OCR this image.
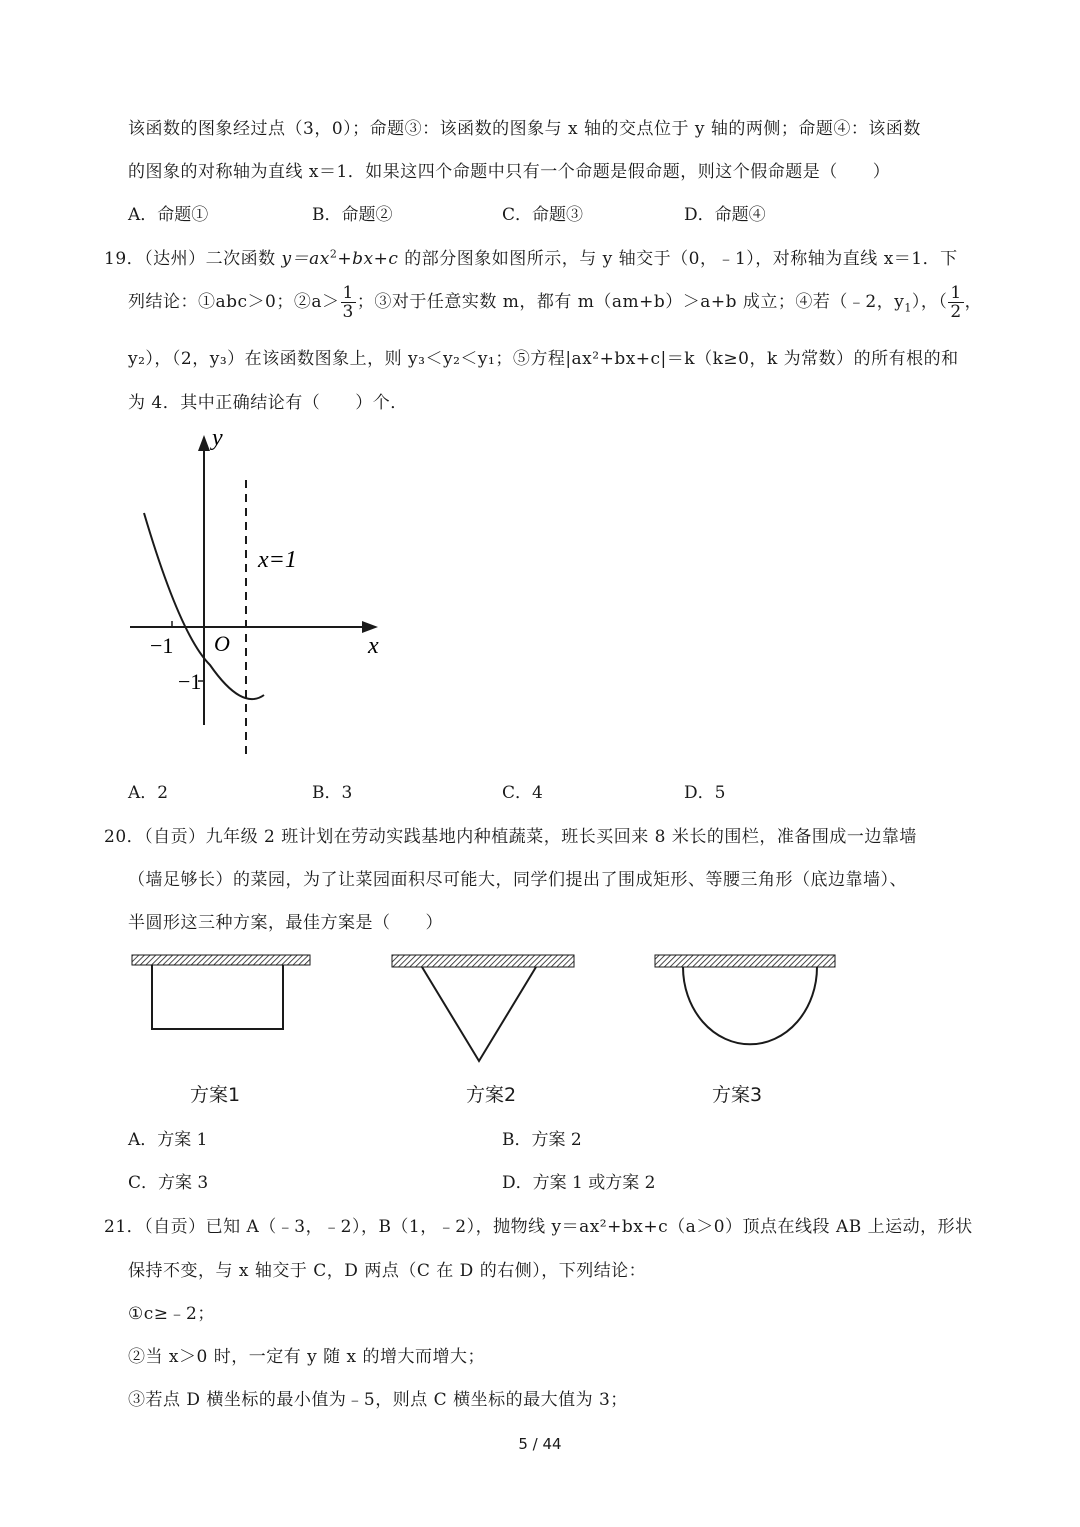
该函数的图象经过点（3，0）；命题③：该函数的图象与 x 轴的交点位于 y 轴的两侧；命题④：该函数
的图象的对称轴为直线 x＝1．如果这四个命题中只有一个命题是假命题，则这个假命题是（　　）
A．命题①	B．命题②	C．命题③	D．命题④
19．（达州）二次函数 $y=ax^2+bx+c$ 的部分图象如图所示，与 y 轴交于（0，﹣1），对称轴为直线 x＝1．下
列结论：①abc＞0；②a＞ $\frac{1}{3}$ ；③对于任意实数 m，都有 m（am+b）＞a+b 成立；④若（﹣2，$y_1$），（ $\frac{1}{2}$ ，
y₂），（2，y₃）在该函数图象上，则 y₃＜y₂＜y₁；⑤方程|ax²+bx+c|＝k（k≥0，k 为常数）的所有根的和
为 4．其中正确结论有（　　）个．
y
x
O
x=1
−1
−1
A．2	B．3	C．4	D．5
20．（自贡）九年级 2 班计划在劳动实践基地内种植蔬菜，班长买回来 8 米长的围栏，准备围成一边靠墙
（墙足够长）的菜园，为了让菜园面积尽可能大，同学们提出了围成矩形、等腰三角形（底边靠墙）、
半圆形这三种方案，最佳方案是（　　）
方案1	方案2	方案3
A．方案 1	B．方案 2
C．方案 3	D．方案 1 或方案 2
21．（自贡）已知 A（﹣3，﹣2），B（1，﹣2），抛物线 y＝ax²+bx+c（a＞0）顶点在线段 AB 上运动，形状
保持不变，与 x 轴交于 C，D 两点（C 在 D 的右侧），下列结论：
①c≥﹣2；
②当 x＞0 时，一定有 y 随 x 的增大而增大；
③若点 D 横坐标的最小值为﹣5，则点 C 横坐标的最大值为 3；
5 / 44
